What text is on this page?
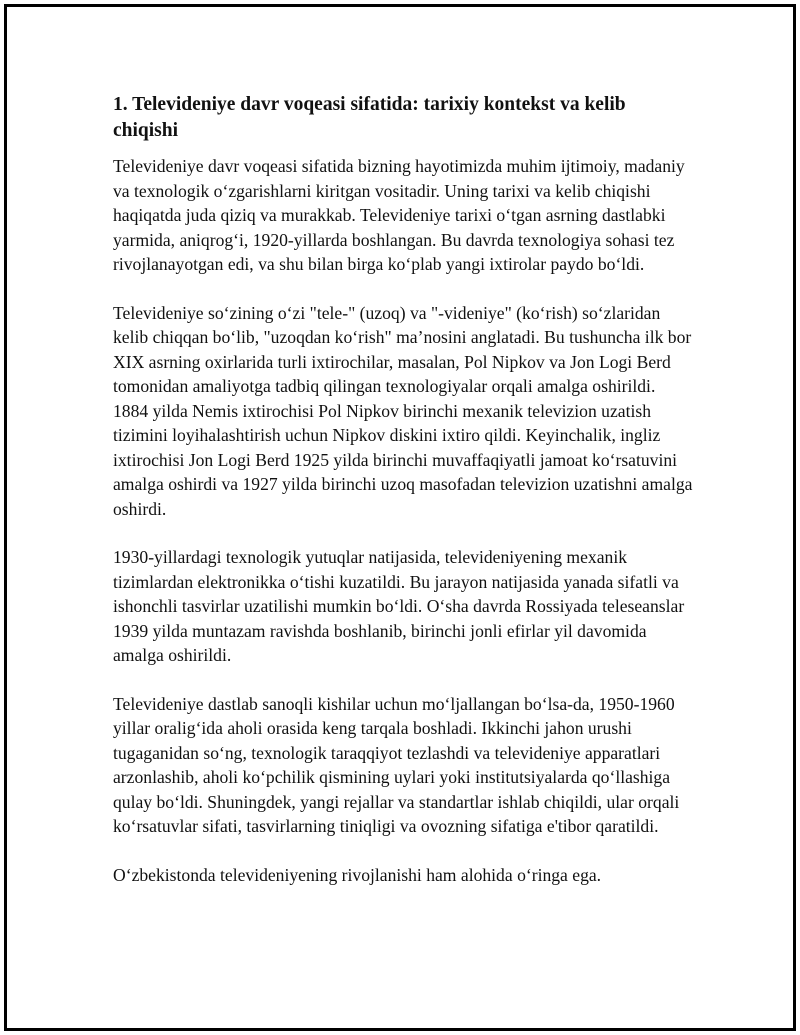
1. Televideniye davr voqeasi sifatida: tarixiy kontekst va kelib chiqishi

Televideniye davr voqeasi sifatida bizning hayotimizda muhim ijtimoiy, madaniy va texnologik o‘zgarishlarni kiritgan vositadir. Uning tarixi va kelib chiqishi haqiqatda juda qiziq va murakkab. Televideniye tarixi o‘tgan asrning dastlabki yarmida, aniqrog‘i, 1920-yillarda boshlangan. Bu davrda texnologiya sohasi tez rivojlanayotgan edi, va shu bilan birga ko‘plab yangi ixtirolar paydo bo‘ldi.

Televideniye so‘zining o‘zi "tele-" (uzoq) va "-videniye" (ko‘rish) so‘zlaridan kelib chiqqan bo‘lib, "uzoqdan ko‘rish" ma’nosini anglatadi. Bu tushuncha ilk bor XIX asrning oxirlarida turli ixtirochilar, masalan, Pol Nipkov va Jon Logi Berd tomonidan amaliyotga tadbiq qilingan texnologiyalar orqali amalga oshirildi. 1884 yilda Nemis ixtirochisi Pol Nipkov birinchi mexanik televizion uzatish tizimini loyihalashtirish uchun Nipkov diskini ixtiro qildi. Keyinchalik, ingliz ixtirochisi Jon Logi Berd 1925 yilda birinchi muvaffaqiyatli jamoat ko‘rsatuvini amalga oshirdi va 1927 yilda birinchi uzoq masofadan televizion uzatishni amalga oshirdi.

1930-yillardagi texnologik yutuqlar natijasida, televideniyening mexanik tizimlardan elektronikka o‘tishi kuzatildi. Bu jarayon natijasida yanada sifatli va ishonchli tasvirlar uzatilishi mumkin bo‘ldi. O‘sha davrda Rossiyada teleseanslar 1939 yilda muntazam ravishda boshlanib, birinchi jonli efirlar yil davomida amalga oshirildi.

Televideniye dastlab sanoqli kishilar uchun mo‘ljallangan bo‘lsa-da, 1950-1960 yillar oralig‘ida aholi orasida keng tarqala boshladi. Ikkinchi jahon urushi tugaganidan so‘ng, texnologik taraqqiyot tezlashdi va televideniye apparatlari arzonlashib, aholi ko‘pchilik qismining uylari yoki institutsiyalarda qo‘llashiga qulay bo‘ldi. Shuningdek, yangi rejallar va standartlar ishlab chiqildi, ular orqali ko‘rsatuvlar sifati, tasvirlarning tiniqligi va ovozning sifatiga e'tibor qaratildi.

O‘zbekistonda televideniyening rivojlanishi ham alohida o‘ringa ega.
